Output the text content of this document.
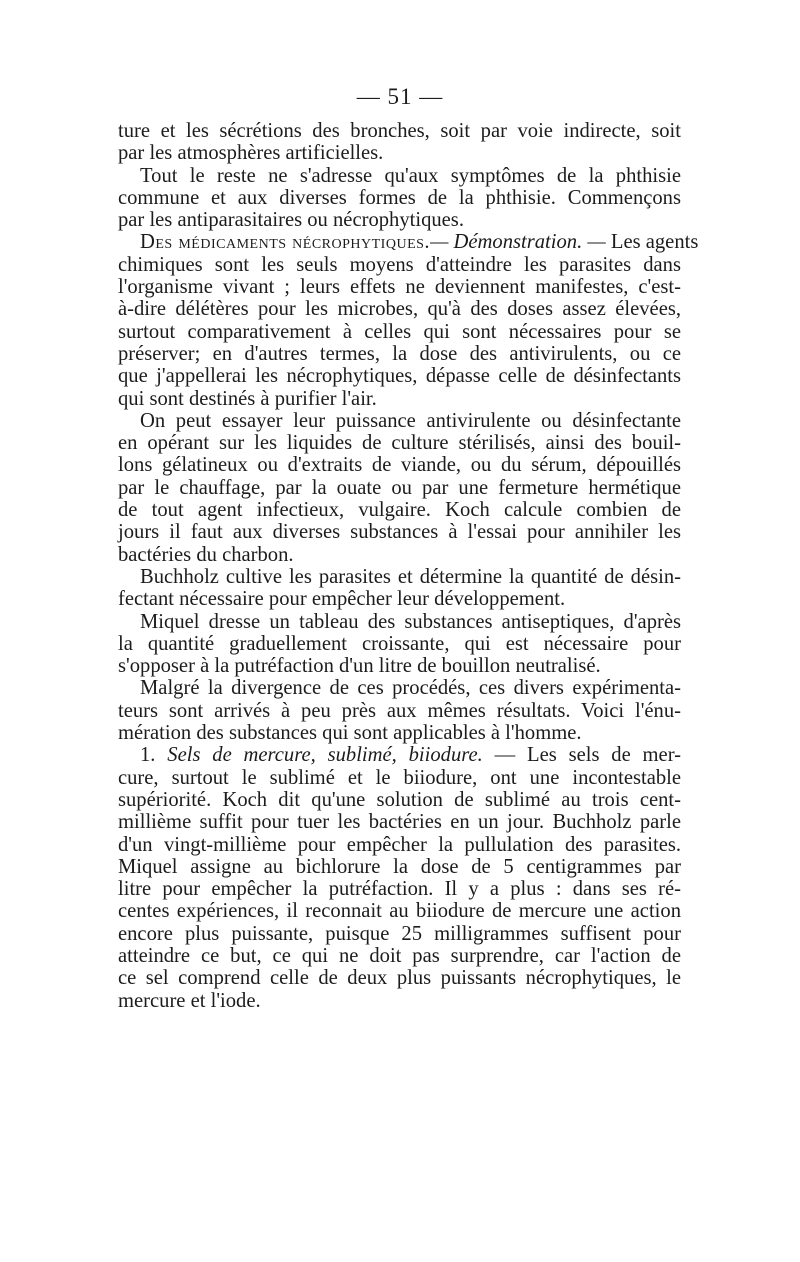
— 51 —
ture et les sécrétions des bronches, soit par voie indirecte, soit
par les atmosphères artificielles.
Tout le reste ne s'adresse qu'aux symptômes de la phthisie
commune et aux diverses formes de la phthisie. Commençons
par les antiparasitaires ou nécrophytiques.
Des médicaments nécrophytiques.— Démonstration. — Les agents
chimiques sont les seuls moyens d'atteindre les parasites dans
l'organisme vivant ; leurs effets ne deviennent manifestes, c'est-
à-dire délétères pour les microbes, qu'à des doses assez élevées,
surtout comparativement à celles qui sont nécessaires pour se
préserver; en d'autres termes, la dose des antivirulents, ou ce
que j'appellerai les nécrophytiques, dépasse celle de désinfectants
qui sont destinés à purifier l'air.
On peut essayer leur puissance antivirulente ou désinfectante
en opérant sur les liquides de culture stérilisés, ainsi des bouil-
lons gélatineux ou d'extraits de viande, ou du sérum, dépouillés
par le chauffage, par la ouate ou par une fermeture hermétique
de tout agent infectieux, vulgaire. Koch calcule combien de
jours il faut aux diverses substances à l'essai pour annihiler les
bactéries du charbon.
Buchholz cultive les parasites et détermine la quantité de désin-
fectant nécessaire pour empêcher leur développement.
Miquel dresse un tableau des substances antiseptiques, d'après
la quantité graduellement croissante, qui est nécessaire pour
s'opposer à la putréfaction d'un litre de bouillon neutralisé.
Malgré la divergence de ces procédés, ces divers expérimenta-
teurs sont arrivés à peu près aux mêmes résultats. Voici l'énu-
mération des substances qui sont applicables à l'homme.
1. Sels de mercure, sublimé, biiodure. — Les sels de mer-
cure, surtout le sublimé et le biiodure, ont une incontestable
supériorité. Koch dit qu'une solution de sublimé au trois cent-
millième suffit pour tuer les bactéries en un jour. Buchholz parle
d'un vingt-millième pour empêcher la pullulation des parasites.
Miquel assigne au bichlorure la dose de 5 centigrammes par
litre pour empêcher la putréfaction. Il y a plus : dans ses ré-
centes expériences, il reconnait au biiodure de mercure une action
encore plus puissante, puisque 25 milligrammes suffisent pour
atteindre ce but, ce qui ne doit pas surprendre, car l'action de
ce sel comprend celle de deux plus puissants nécrophytiques, le
mercure et l'iode.
